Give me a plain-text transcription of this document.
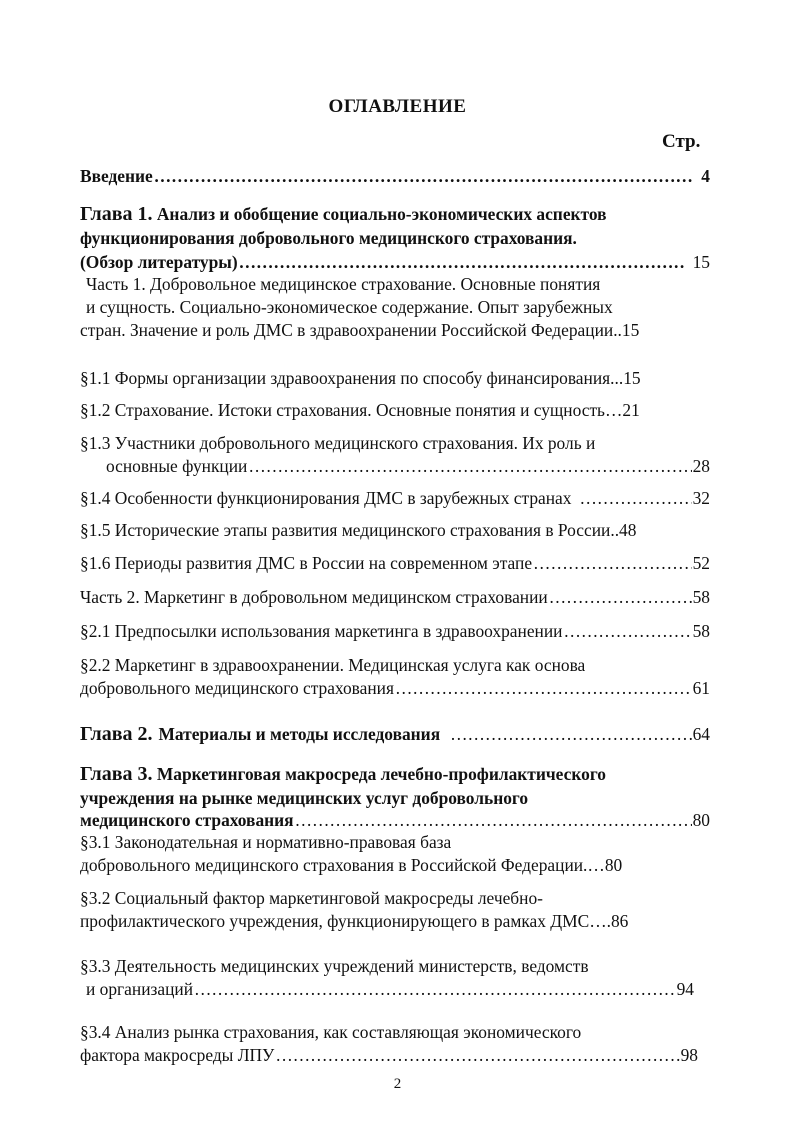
ОГЛАВЛЕНИЕ
Стр.
Введение ……………………………………………………………………………………………………………………………………	4
Глава 1. Анализ и обобщение социально-экономических аспектов
функционирования добровольного медицинского страхования.
(Обзор литературы) ……………………………………………………………………………………………………………………………………	15
Часть 1. Добровольное медицинское страхование. Основные понятия
и сущность. Социально-экономическое содержание. Опыт зарубежных
стран. Значение и роль ДМС в здравоохранении Российской Федерации..15
§1.1 Формы организации здравоохранения по способу финансирования...15
§1.2 Страхование. Истоки страхования. Основные понятия и сущность…21
§1.3 Участники добровольного медицинского страхования. Их роль и
основные функции ……………………………………………………………………………………………………………………………………	28
§1.4 Особенности функционирования ДМС в зарубежных странах ……………………………………………………………………………………………………………………………………	32
§1.5 Исторические этапы развития медицинского страхования в России..48
§1.6 Периоды развития ДМС в России на современном этапе ……………………………………………………………………………………………………………………………………	52
Часть 2. Маркетинг в добровольном медицинском страховании ……………………………………………………………………………………………………………………………………	58
§2.1 Предпосылки использования маркетинга в здравоохранении ……………………………………………………………………………………………………………………………………	58
§2.2 Маркетинг в здравоохранении. Медицинская услуга как основа
добровольного медицинского страхования ……………………………………………………………………………………………………………………………………	61
Глава 2. Материалы и методы исследования ……………………………………………………………………………………………………………………………………	64
Глава 3. Маркетинговая макросреда лечебно-профилактического
учреждения на рынке медицинских услуг добровольного
медицинского страхования ……………………………………………………………………………………………………………………………………	80
§3.1 Законодательная и нормативно-правовая база
добровольного медицинского страхования в Российской Федерации.…80
§3.2 Социальный фактор маркетинговой макросреды лечебно-
профилактического учреждения, функционирующего в рамках ДМС….86
§3.3 Деятельность медицинских учреждений министерств, ведомств
и организаций ……………………………………………………………………………………………………………………………………	94
§3.4 Анализ рынка страхования, как составляющая экономического
фактора макросреды ЛПУ ……………………………………………………………………………………………………………………………………	98
2
